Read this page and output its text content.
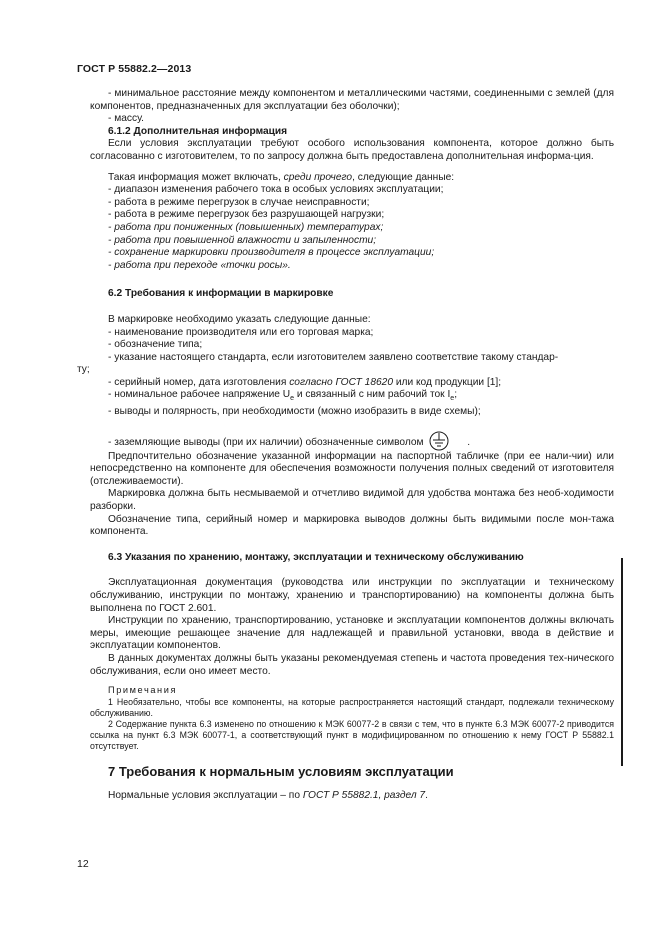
ГОСТ Р 55882.2—2013

- минимальное расстояние между компонентом и металлическими частями, соединенными с землей (для компонентов, предназначенных для эксплуатации без оболочки);

- массу.

6.1.2 Дополнительная информация

Если условия эксплуатации требуют особого использования компонента, которое должно быть согласованно с изготовителем, то по запросу должна быть предоставлена дополнительная информа-ция.

Такая информация может включать, среди прочего, следующие данные:

- диапазон изменения рабочего тока в особых условиях эксплуатации;

- работа в режиме перегрузок в случае неисправности;

- работа в режиме перегрузок без разрушающей нагрузки;

- работа при пониженных (повышенных) температурах;

- работа при повышенной влажности и запыленности;

- сохранение маркировки производителя в процессе эксплуатации;

- работа при переходе «точки росы».

6.2 Требования к информации в маркировке

В маркировке необходимо указать следующие данные:

- наименование производителя или его торговая марка;

- обозначение типа;

- указание настоящего стандарта, если изготовителем заявлено соответствие такому стандар-

ту;

- серийный номер, дата изготовления согласно ГОСТ 18620 или код продукции [1];

- номинальное рабочее напряжение $U_e$ и связанный с ним рабочий ток $I_e$;

- выводы и полярность, при необходимости (можно изобразить в виде схемы);

- заземляющие выводы (при их наличии) обозначенные символом	.

Предпочтительно обозначение указанной информации на паспортной табличке (при ее нали-чии) или непосредственно на компоненте для обеспечения возможности получения полных сведений от изготовителя (отслеживаемости).

Маркировка должна быть несмываемой и отчетливо видимой для удобства монтажа без необ-ходимости разборки.

Обозначение типа, серийный номер и маркировка выводов должны быть видимыми после мон-тажа компонента.

6.3 Указания по хранению, монтажу, эксплуатации и техническому обслуживанию

Эксплуатационная документация (руководства или инструкции по эксплуатации и техническому обслуживанию, инструкции по монтажу, хранению и транспортированию) на компоненты должна быть выполнена по ГОСТ 2.601.

Инструкции по хранению, транспортированию, установке и эксплуатации компонентов должны включать меры, имеющие решающее значение для надлежащей и правильной установки, ввода в действие и эксплуатации компонентов.

В данных документах должны быть указаны рекомендуемая степень и частота проведения тех-нического обслуживания, если оно имеет место.

Примечания

1 Необязательно, чтобы все компоненты, на которые распространяется настоящий стандарт, подлежали техническому обслуживанию.

2 Содержание пункта 6.3 изменено по отношению к МЭК 60077-2 в связи с тем, что в пункте 6.3 МЭК 60077-2 приводится ссылка на пункт 6.3 МЭК 60077-1, а соответствующий пункт в модифицированном по отношению к нему ГОСТ Р 55882.1 отсутствует.

7 Требования к нормальным условиям эксплуатации

Нормальные условия эксплуатации – по ГОСТ Р 55882.1, раздел 7.

12
